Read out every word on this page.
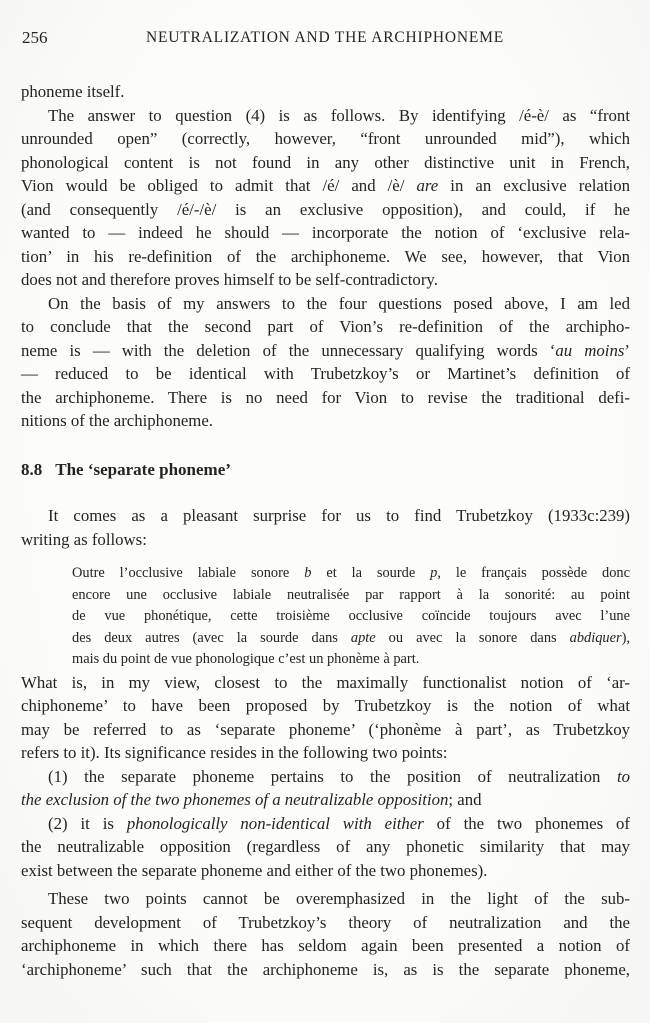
256	NEUTRALIZATION AND THE ARCHIPHONEME
phoneme itself.
The answer to question (4) is as follows. By identifying /é-è/ as “front
unrounded open” (correctly, however, “front unrounded mid”), which
phonological content is not found in any other distinctive unit in French,
Vion would be obliged to admit that /é/ and /è/ are in an exclusive relation
(and consequently /é/-/è/ is an exclusive opposition), and could, if he
wanted to — indeed he should — incorporate the notion of ‘exclusive rela-
tion’ in his re-definition of the archiphoneme. We see, however, that Vion
does not and therefore proves himself to be self-contradictory.
On the basis of my answers to the four questions posed above, I am led
to conclude that the second part of Vion’s re-definition of the archipho-
neme is — with the deletion of the unnecessary qualifying words ‘au moins’
— reduced to be identical with Trubetzkoy’s or Martinet’s definition of
the archiphoneme. There is no need for Vion to revise the traditional defi-
nitions of the archiphoneme.
8.8 The ‘separate phoneme’
It comes as a pleasant surprise for us to find Trubetzkoy (1933c:239)
writing as follows:
Outre l’occlusive labiale sonore b et la sourde p, le français possède donc
encore une occlusive labiale neutralisée par rapport à la sonorité: au point
de vue phonétique, cette troisième occlusive coïncide toujours avec l’une
des deux autres (avec la sourde dans apte ou avec la sonore dans abdiquer),
mais du point de vue phonologique c’est un phonème à part.
What is, in my view, closest to the maximally functionalist notion of ‘ar-
chiphoneme’ to have been proposed by Trubetzkoy is the notion of what
may be referred to as ‘separate phoneme’ (‘phonème à part’, as Trubetzkoy
refers to it). Its significance resides in the following two points:
(1) the separate phoneme pertains to the position of neutralization to
the exclusion of the two phonemes of a neutralizable opposition; and
(2) it is phonologically non-identical with either of the two phonemes of
the neutralizable opposition (regardless of any phonetic similarity that may
exist between the separate phoneme and either of the two phonemes).
These two points cannot be overemphasized in the light of the sub-
sequent development of Trubetzkoy’s theory of neutralization and the
archiphoneme in which there has seldom again been presented a notion of
‘archiphoneme’ such that the archiphoneme is, as is the separate phoneme,
